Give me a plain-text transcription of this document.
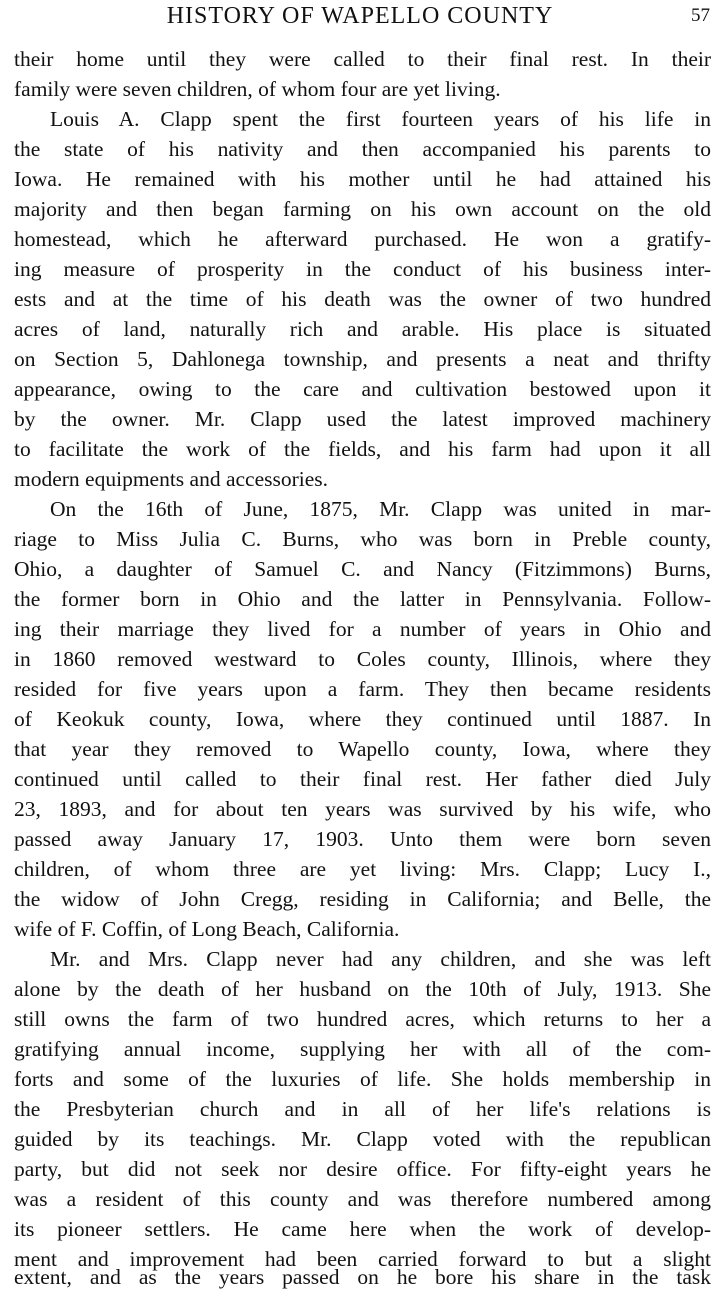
HISTORY OF WAPELLO COUNTY	57
their home until they were called to their final rest. In their
family were seven children, of whom four are yet living.
Louis A. Clapp spent the first fourteen years of his life in
the state of his nativity and then accompanied his parents to
Iowa. He remained with his mother until he had attained his
majority and then began farming on his own account on the old
homestead, which he afterward purchased. He won a gratify-
ing measure of prosperity in the conduct of his business inter-
ests and at the time of his death was the owner of two hundred
acres of land, naturally rich and arable. His place is situated
on Section 5, Dahlonega township, and presents a neat and thrifty
appearance, owing to the care and cultivation bestowed upon it
by the owner. Mr. Clapp used the latest improved machinery
to facilitate the work of the fields, and his farm had upon it all
modern equipments and accessories.
On the 16th of June, 1875, Mr. Clapp was united in mar-
riage to Miss Julia C. Burns, who was born in Preble county,
Ohio, a daughter of Samuel C. and Nancy (Fitzimmons) Burns,
the former born in Ohio and the latter in Pennsylvania. Follow-
ing their marriage they lived for a number of years in Ohio and
in 1860 removed westward to Coles county, Illinois, where they
resided for five years upon a farm. They then became residents
of Keokuk county, Iowa, where they continued until 1887. In
that year they removed to Wapello county, Iowa, where they
continued until called to their final rest. Her father died July
23, 1893, and for about ten years was survived by his wife, who
passed away January 17, 1903. Unto them were born seven
children, of whom three are yet living: Mrs. Clapp; Lucy I.,
the widow of John Cregg, residing in California; and Belle, the
wife of F. Coffin, of Long Beach, California.
Mr. and Mrs. Clapp never had any children, and she was left
alone by the death of her husband on the 10th of July, 1913. She
still owns the farm of two hundred acres, which returns to her a
gratifying annual income, supplying her with all of the com-
forts and some of the luxuries of life. She holds membership in
the Presbyterian church and in all of her life's relations is
guided by its teachings. Mr. Clapp voted with the republican
party, but did not seek nor desire office. For fifty-eight years he
was a resident of this county and was therefore numbered among
its pioneer settlers. He came here when the work of develop-
ment and improvement had been carried forward to but a slight
extent, and as the years passed on he bore his share in the task
